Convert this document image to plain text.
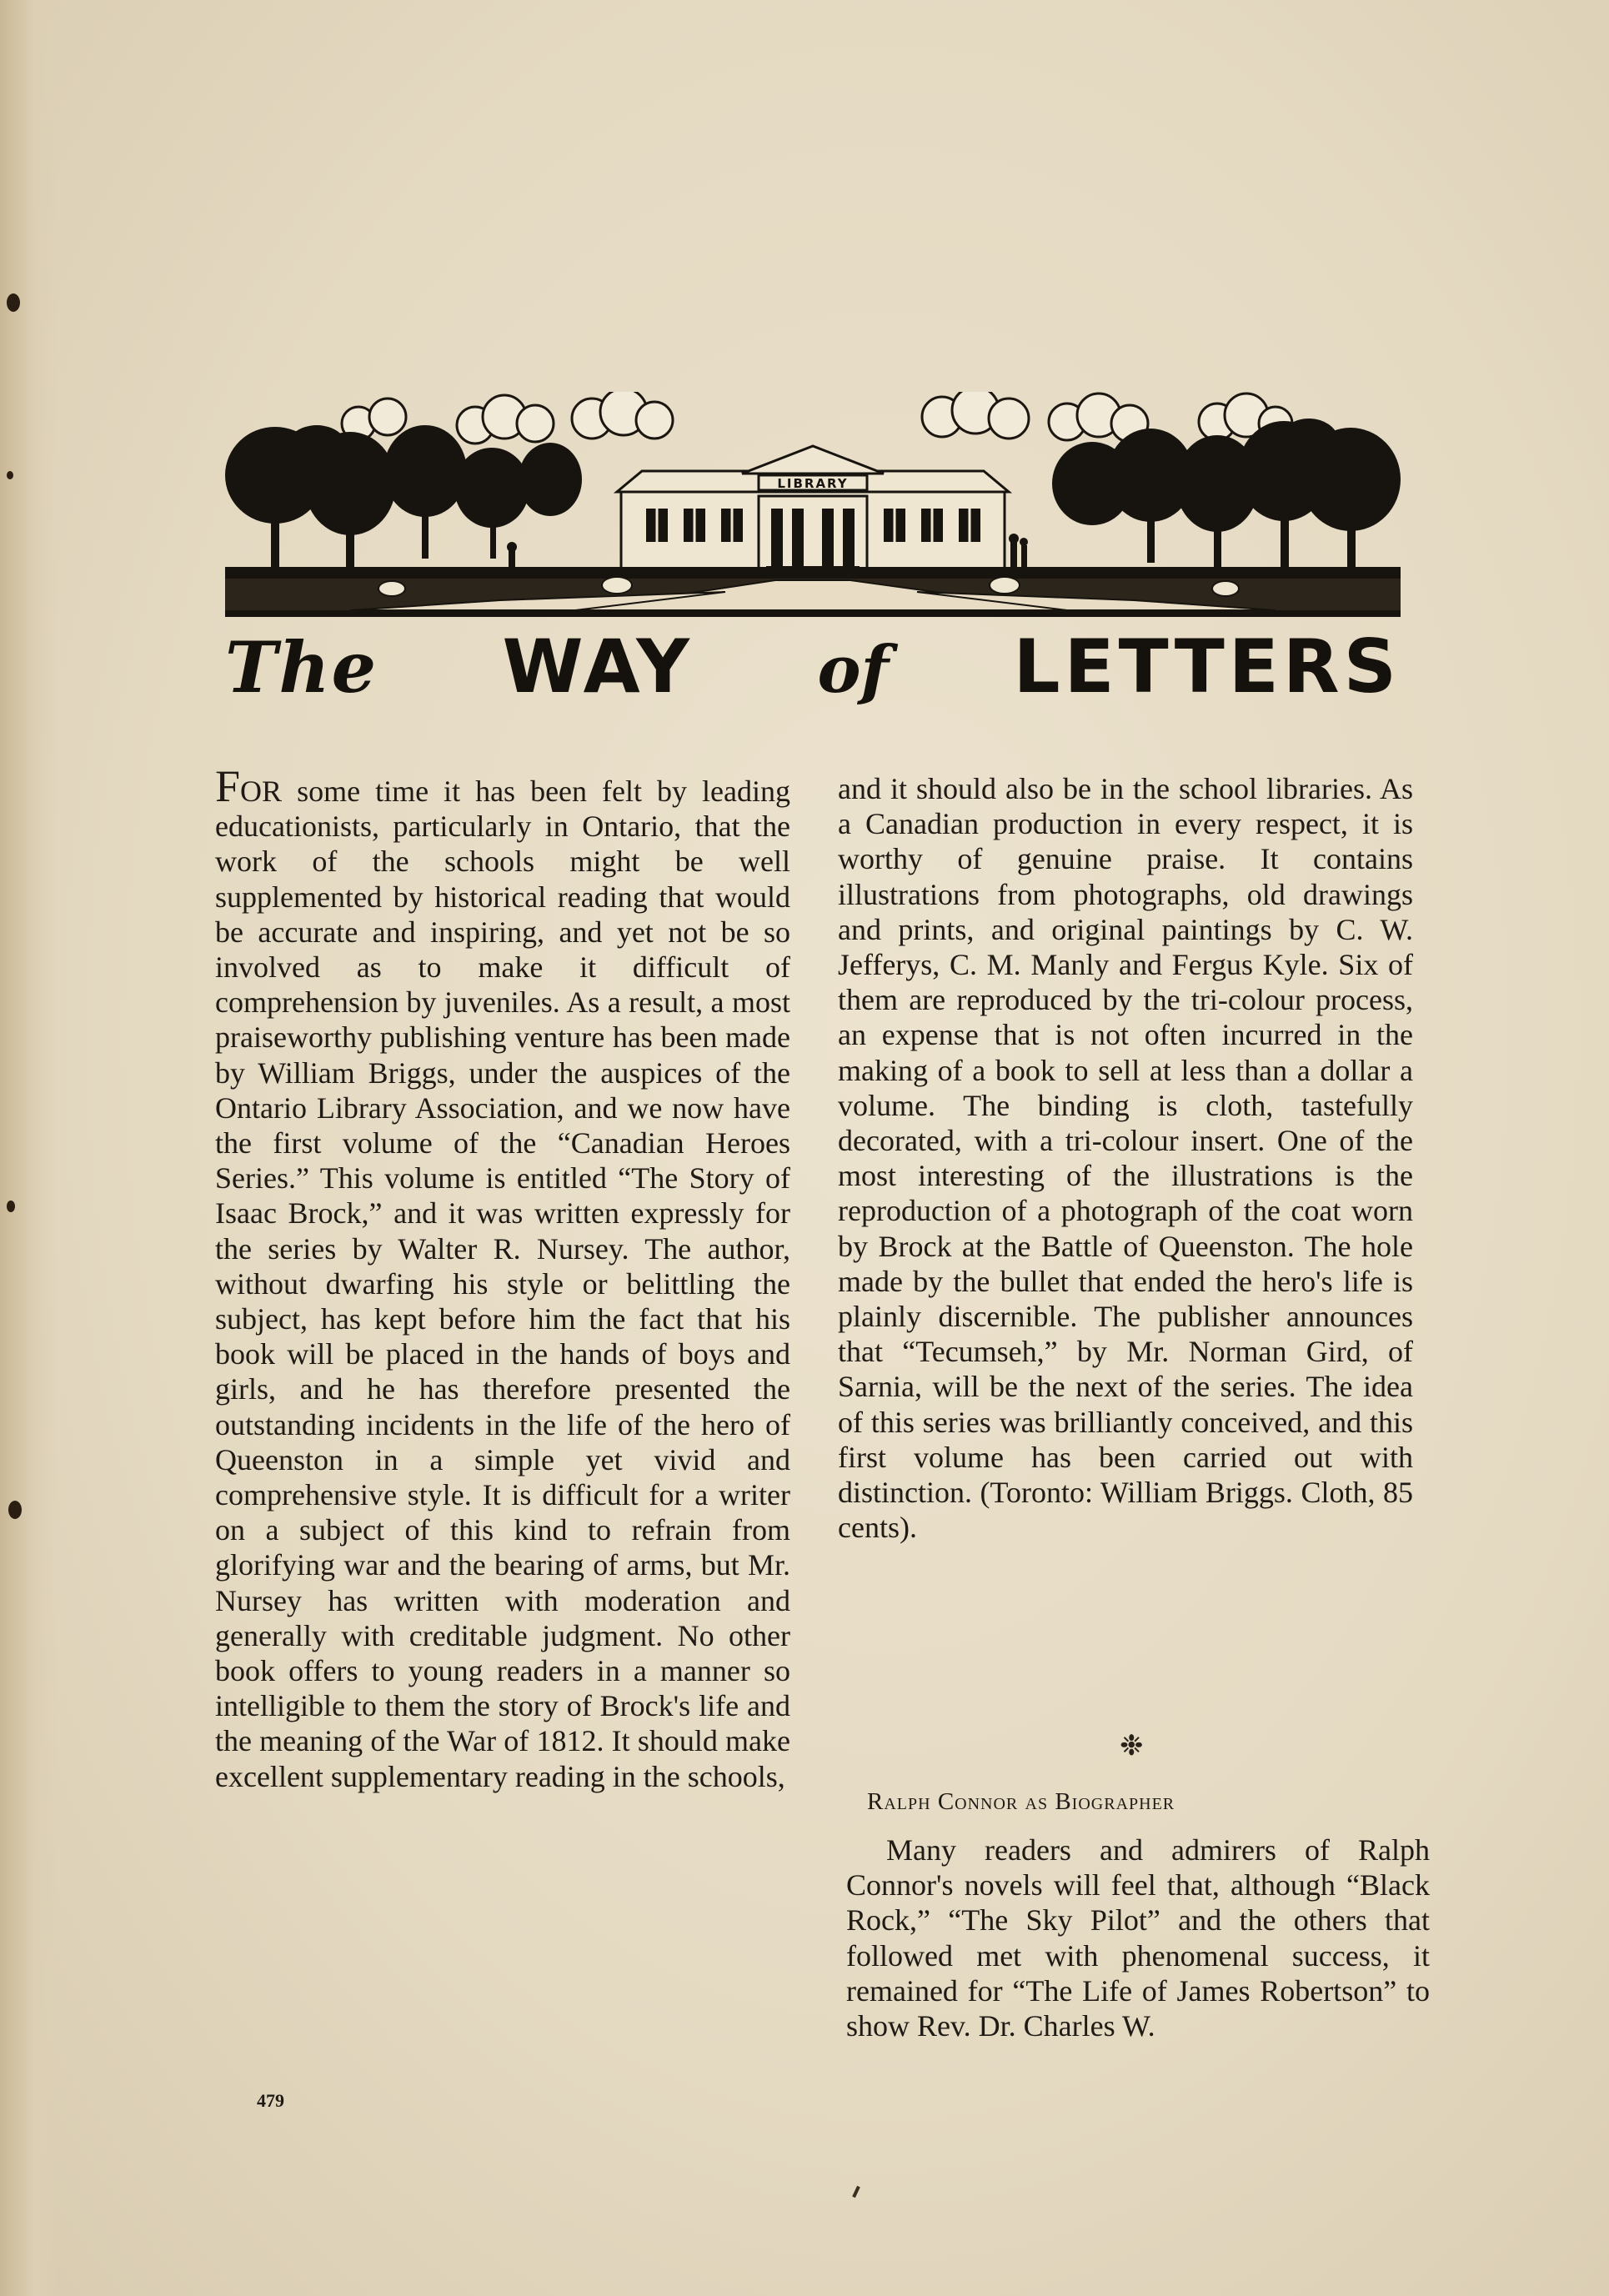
LIBRARY
The WAY of LETTERS

FOR some time it has been felt by leading educationists, particularly in Ontario, that the work of the schools might be well supplemented by historical reading that would be accurate and inspiring, and yet not be so involved as to make it difficult of comprehension by juveniles. As a result, a most praiseworthy publishing venture has been made by William Briggs, under the auspices of the Ontario Library Association, and we now have the first volume of the “Canadian Heroes Series.” This volume is entitled “The Story of Isaac Brock,” and it was written expressly for the series by Walter R. Nursey. The author, without dwarfing his style or belittling the subject, has kept before him the fact that his book will be placed in the hands of boys and girls, and he has therefore presented the outstanding incidents in the life of the hero of Queenston in a simple yet vivid and comprehensive style. It is difficult for a writer on a subject of this kind to refrain from glorifying war and the bearing of arms, but Mr. Nursey has written with moderation and generally with creditable judgment. No other book offers to young readers in a manner so intelligible to them the story of Brock's life and the meaning of the War of 1812. It should make excellent supplementary reading in the schools,

479

and it should also be in the school libraries. As a Canadian production in every respect, it is worthy of genuine praise. It contains illustrations from photographs, old drawings and prints, and original paintings by C. W. Jefferys, C. M. Manly and Fergus Kyle. Six of them are reproduced by the tri-colour process, an expense that is not often incurred in the making of a book to sell at less than a dollar a volume. The binding is cloth, tastefully decorated, with a tri-colour insert. One of the most interesting of the illustrations is the reproduction of a photograph of the coat worn by Brock at the Battle of Queenston. The hole made by the bullet that ended the hero's life is plainly discernible. The publisher announces that “Tecumseh,” by Mr. Norman Gird, of Sarnia, will be the next of the series. The idea of this series was brilliantly conceived, and this first volume has been carried out with distinction. (Toronto: William Briggs. Cloth, 85 cents).

❉
Ralph Connor as Biographer

Many readers and admirers of Ralph Connor's novels will feel that, although “Black Rock,” “The Sky Pilot” and the others that followed met with phenomenal success, it remained for “The Life of James Robertson” to show Rev. Dr. Charles W.
